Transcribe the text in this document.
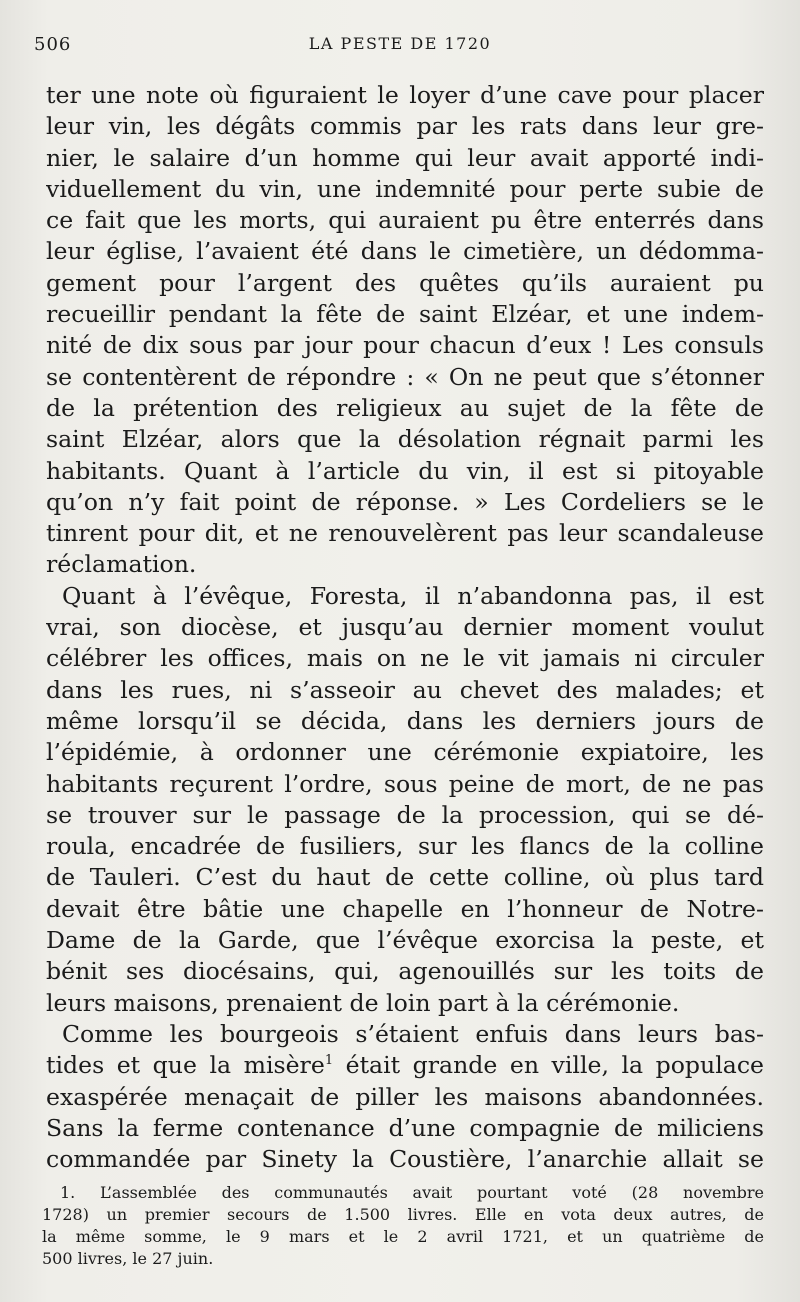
506	LA PESTE DE 1720
ter une note où figuraient le loyer d’une cave pour placer
leur vin, les dégâts commis par les rats dans leur gre-
nier, le salaire d’un homme qui leur avait apporté indi-
viduellement du vin, une indemnité pour perte subie de
ce fait que les morts, qui auraient pu être enterrés dans
leur église, l’avaient été dans le cimetière, un dédomma-
gement pour l’argent des quêtes qu’ils auraient pu
recueillir pendant la fête de saint Elzéar, et une indem-
nité de dix sous par jour pour chacun d’eux ! Les consuls
se contentèrent de répondre : « On ne peut que s’étonner
de la prétention des religieux au sujet de la fête de
saint Elzéar, alors que la désolation régnait parmi les
habitants. Quant à l’article du vin, il est si pitoyable
qu’on n’y fait point de réponse. » Les Cordeliers se le
tinrent pour dit, et ne renouvelèrent pas leur scandaleuse
réclamation.
Quant à l’évêque, Foresta, il n’abandonna pas, il est
vrai, son diocèse, et jusqu’au dernier moment voulut
célébrer les offices, mais on ne le vit jamais ni circuler
dans les rues, ni s’asseoir au chevet des malades; et
même lorsqu’il se décida, dans les derniers jours de
l’épidémie, à ordonner une cérémonie expiatoire, les
habitants reçurent l’ordre, sous peine de mort, de ne pas
se trouver sur le passage de la procession, qui se dé-
roula, encadrée de fusiliers, sur les flancs de la colline
de Tauleri. C’est du haut de cette colline, où plus tard
devait être bâtie une chapelle en l’honneur de Notre-
Dame de la Garde, que l’évêque exorcisa la peste, et
bénit ses diocésains, qui, agenouillés sur les toits de
leurs maisons, prenaient de loin part à la cérémonie.
Comme les bourgeois s’étaient enfuis dans leurs bas-
tides et que la misère$^1$ était grande en ville, la populace
exaspérée menaçait de piller les maisons abandonnées.
Sans la ferme contenance d’une compagnie de miliciens
commandée par Sinety la Coustière, l’anarchie allait se
1. L’assemblée des communautés avait pourtant voté (28 novembre
1728) un premier secours de 1.500 livres. Elle en vota deux autres, de
la même somme, le 9 mars et le 2 avril 1721, et un quatrième de
500 livres, le 27 juin.
